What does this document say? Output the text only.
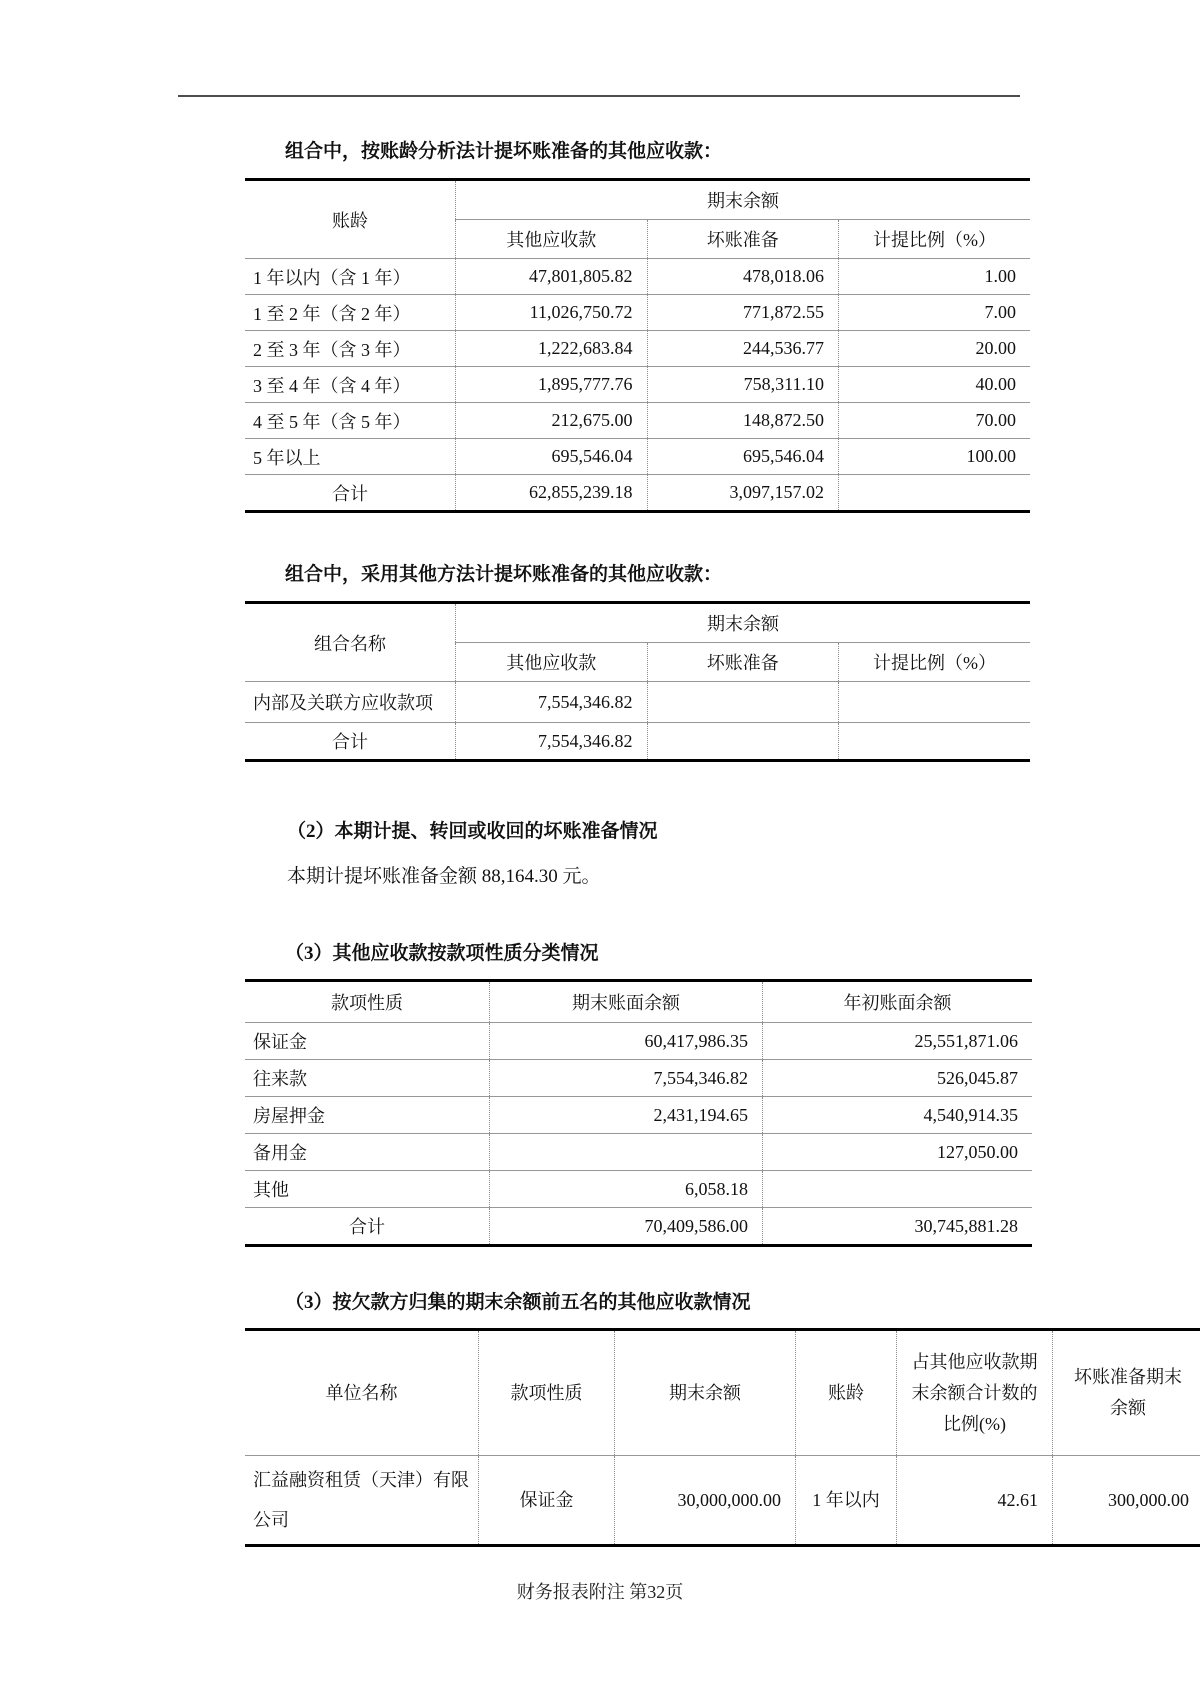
组合中，按账龄分析法计提坏账准备的其他应收款：
账龄	期末余额		
	其他应收款	坏账准备	计提比例（%）
1 年以内（含 1 年）	47,801,805.82	478,018.06	1.00
1 至 2 年（含 2 年）	11,026,750.72	771,872.55	7.00
2 至 3 年（含 3 年）	1,222,683.84	244,536.77	20.00
3 至 4 年（含 4 年）	1,895,777.76	758,311.10	40.00
4 至 5 年（含 5 年）	212,675.00	148,872.50	70.00
5 年以上	695,546.04	695,546.04	100.00
合计	62,855,239.18	3,097,157.02	
组合中，采用其他方法计提坏账准备的其他应收款：
组合名称	期末余额		
	其他应收款	坏账准备	计提比例（%）
内部及关联方应收款项	7,554,346.82		
合计	7,554,346.82		
（2）本期计提、转回或收回的坏账准备情况
本期计提坏账准备金额 88,164.30 元。
（3）其他应收款按款项性质分类情况
款项性质	期末账面余额	年初账面余额
保证金	60,417,986.35	25,551,871.06
往来款	7,554,346.82	526,045.87
房屋押金	2,431,194.65	4,540,914.35
备用金		127,050.00
其他	6,058.18	
合计	70,409,586.00	30,745,881.28
（3）按欠款方归集的期末余额前五名的其他应收款情况
单位名称	款项性质	期末余额	账龄	占其他应收款期末余额合计数的比例(%)	坏账准备期末余额
汇益融资租赁（天津）有限公司	保证金	30,000,000.00	1 年以内	42.61	300,000.00
财务报表附注 第32页
